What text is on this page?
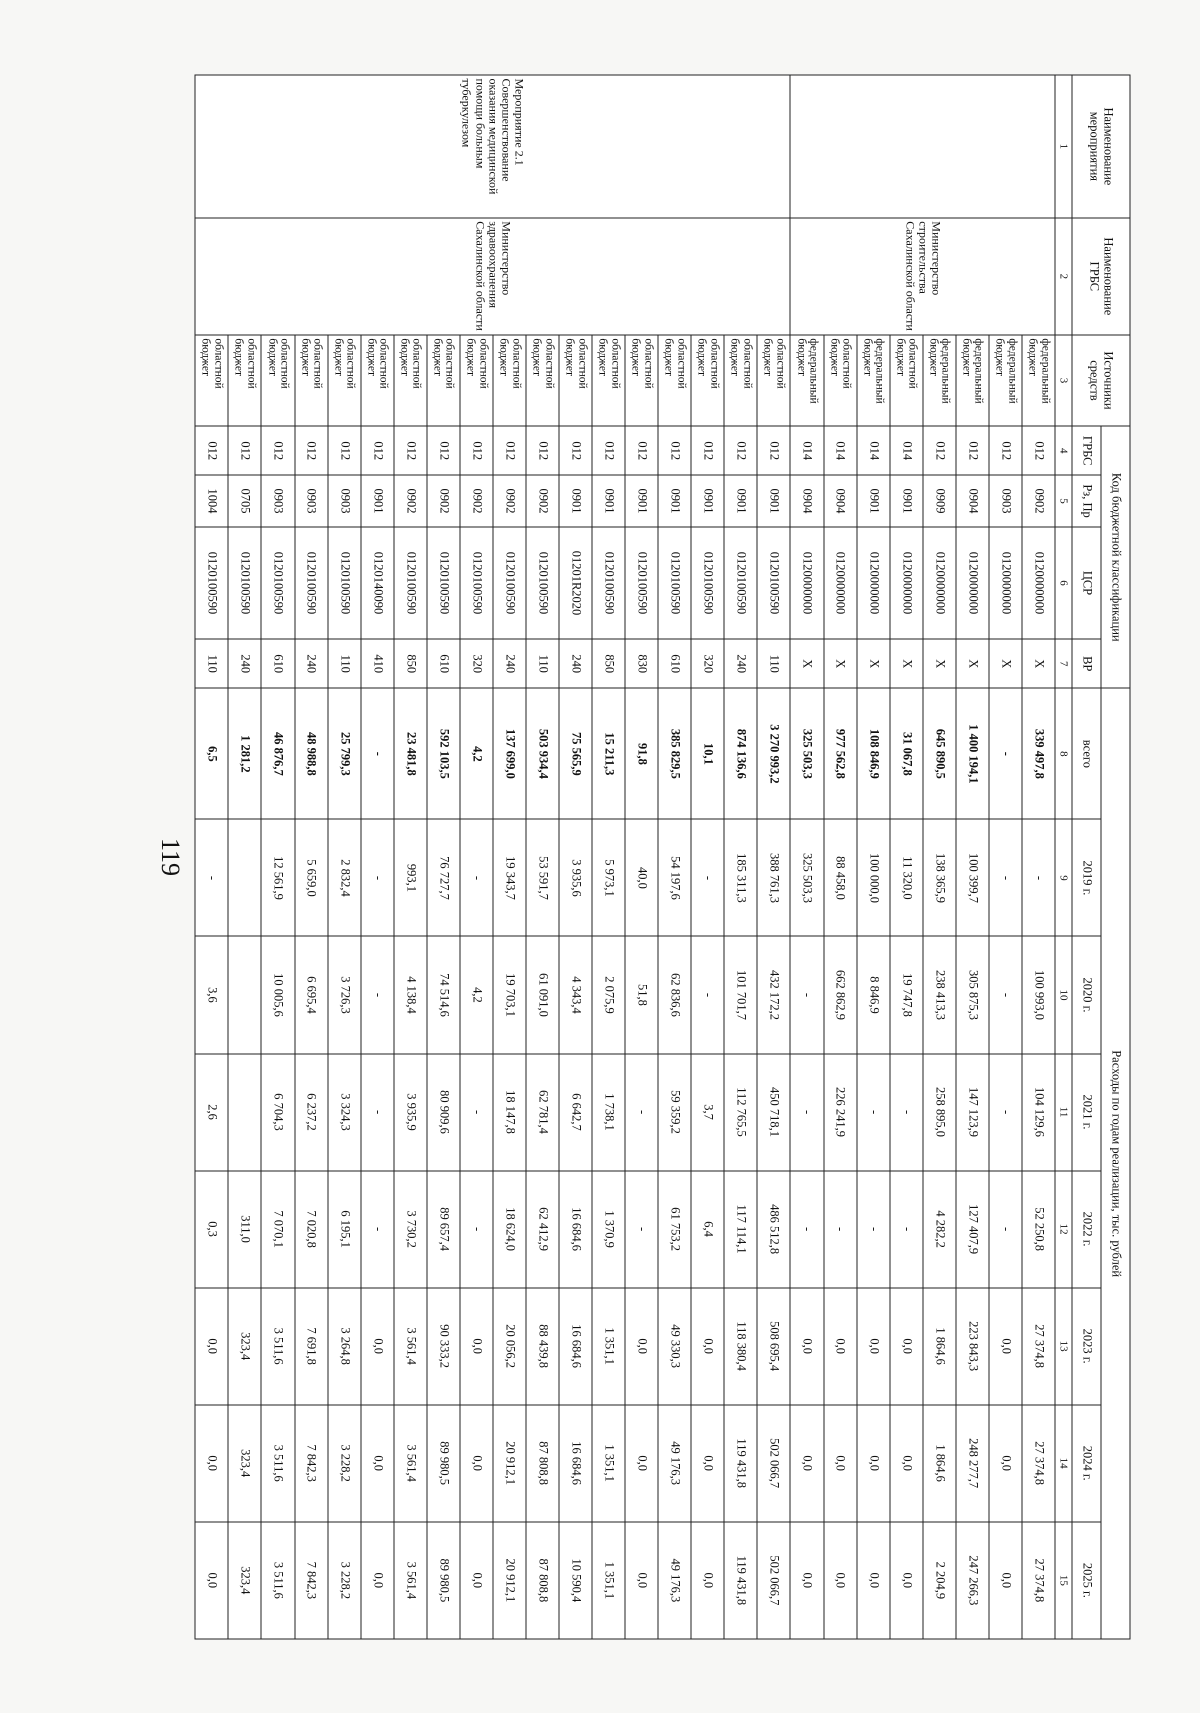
119
Наименование мероприятия	Наименование ГРБС	Источники средств	Код бюджетной классификации				Расходы по годам реализации, тыс. рублей							
			ГРБС	Рз, Пр	ЦСР	ВР	всего	2019 г.	2020 г.	2021 г.	2022 г.	2023 г.	2024 г.	2025 г.
1	2	3	4	5	6	7	8	9	10	11	12	13	14	15
	Министерство строительства Сахалинской области	федеральный бюджет	012	0902	0120000000	X	339 497,8	-	100 993,0	104 129,6	52 250,8	27 374,8	27 374,8	27 374,8
		федеральный бюджет	012	0903	0120000000	X	-	-	-	-	-	0,0	0,0	0,0
		федеральный бюджет	012	0904	0120000000	X	1 400 194,1	100 399,7	305 875,3	147 123,9	127 407,9	223 843,3	248 277,7	247 266,3
		федеральный бюджет	012	0909	0120000000	X	645 890,5	138 365,9	238 413,3	258 895,0	4 282,2	1 864,6	1 864,6	2 204,9
		областной бюджет	014	0901	0120000000	X	31 067,8	11 320,0	19 747,8	-	-	0,0	0,0	0,0
		федеральный бюджет	014	0901	0120000000	X	108 846,9	100 000,0	8 846,9	-	-	0,0	0,0	0,0
		областной бюджет	014	0904	0120000000	X	977 562,8	88 458,0	662 862,9	226 241,9	-	0,0	0,0	0,0
		федеральный бюджет	014	0904	0120000000	X	325 503,3	325 503,3	-	-	-	0,0	0,0	0,0
Мероприятие 2.1 Совершенствование оказания медицинской помощи больным туберкулезом	Министерство здравоохранения Сахалинской области	областной бюджет	012	0901	0120100590	110	3 270 993,2	388 761,3	432 172,2	450 718,1	486 512,8	508 695,4	502 066,7	502 066,7
		областной бюджет	012	0901	0120100590	240	874 136,6	185 311,3	101 701,7	112 765,5	117 114,1	118 380,4	119 431,8	119 431,8
		областной бюджет	012	0901	0120100590	320	10,1	-	-	3,7	6,4	0,0	0,0	0,0
		областной бюджет	012	0901	0120100590	610	385 829,5	54 197,6	62 836,6	59 359,2	61 753,2	49 330,3	49 176,3	49 176,3
		областной бюджет	012	0901	0120100590	830	91,8	40,0	51,8	-	-	0,0	0,0	0,0
		областной бюджет	012	0901	0120100590	850	15 211,3	5 973,1	2 075,9	1 738,1	1 370,9	1 351,1	1 351,1	1 351,1
		областной бюджет	012	0901	01201R2020	240	75 565,9	3 935,6	4 343,4	6 642,7	16 684,6	16 684,6	16 684,6	10 590,4
		областной бюджет	012	0902	0120100590	110	503 934,4	53 591,7	61 091,0	62 781,4	62 412,9	88 439,8	87 808,8	87 808,8
		областной бюджет	012	0902	0120100590	240	137 699,0	19 343,7	19 703,1	18 147,8	18 624,0	20 056,2	20 912,1	20 912,1
		областной бюджет	012	0902	0120100590	320	4,2	-	4,2	-	-	0,0	0,0	0,0
		областной бюджет	012	0902	0120100590	610	592 103,5	76 727,7	74 514,6	80 909,6	89 657,4	90 333,2	89 980,5	89 980,5
		областной бюджет	012	0902	0120100590	850	23 481,8	993,1	4 138,4	3 935,9	3 730,2	3 561,4	3 561,4	3 561,4
		областной бюджет	012	0901	0120140090	410	-	-	-	-	-	0,0	0,0	0,0
		областной бюджет	012	0903	0120100590	110	25 799,3	2 832,4	3 726,3	3 324,3	6 195,1	3 264,8	3 228,2	3 228,2
		областной бюджет	012	0903	0120100590	240	48 988,8	5 659,0	6 695,4	6 237,2	7 020,8	7 691,8	7 842,3	7 842,3
		областной бюджет	012	0903	0120100590	610	46 876,7	12 561,9	10 005,6	6 704,3	7 070,1	3 511,6	3 511,6	3 511,6
		областной бюджет	012	0705	0120100590	240	1 281,2				311,0	323,4	323,4	323,4
		областной бюджет	012	1004	0120100590	110	6,5	-	3,6	2,6	0,3	0,0	0,0	0,0
